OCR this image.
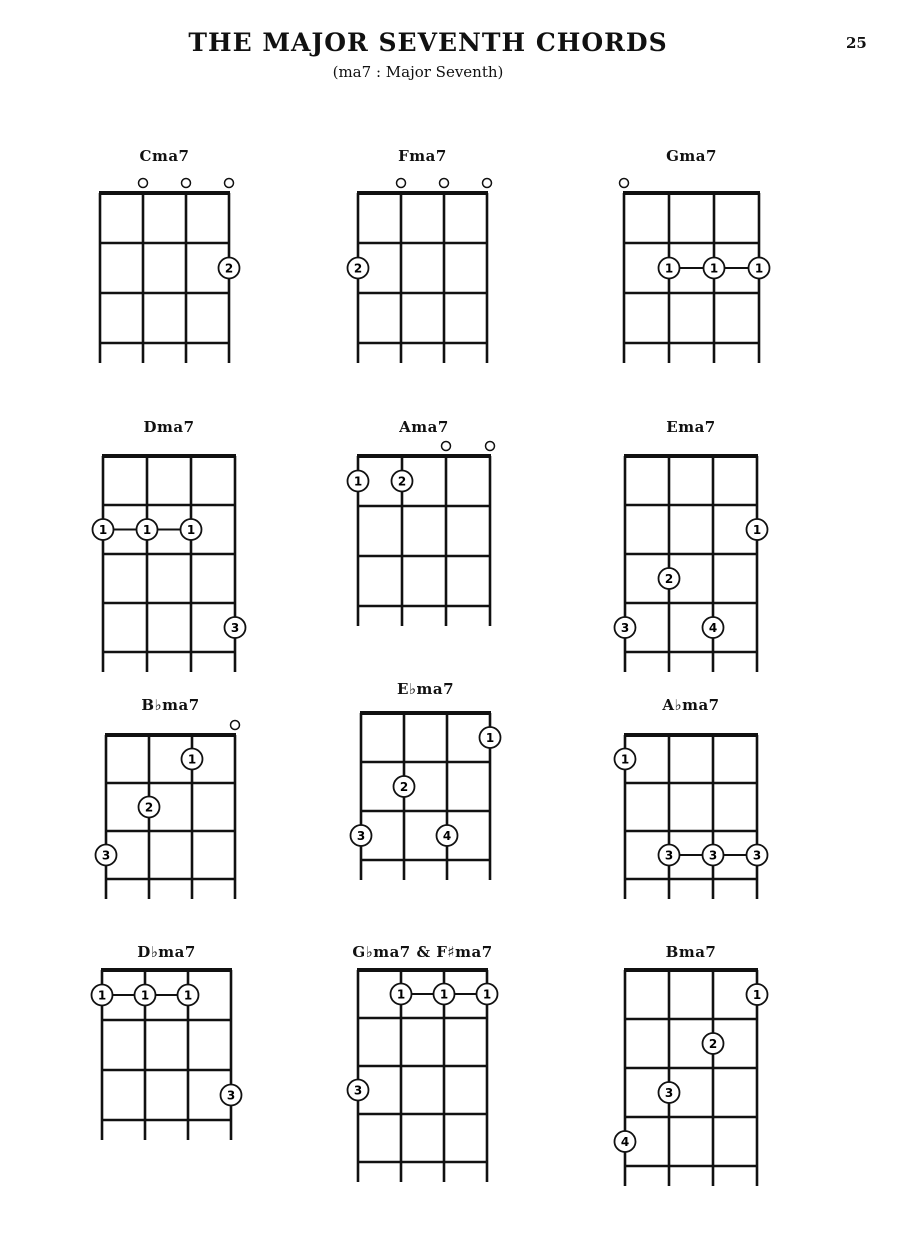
THE MAJOR SEVENTH CHORDS
(ma7 : Major Seventh)
25
Cma7
2
Fma7
2
Gma7
1	1	1
Dma7
1	1	1
3
Ama7
1	2
Ema7
1
2
3	4
B♭ma7
1
2
3
E♭ma7
1
2
3	4
A♭ma7
1
3	3	3
D♭ma7
1	1	1
3
G♭ma7 & F♯ma7
1	1	1
3
Bma7
1
2
3
4
